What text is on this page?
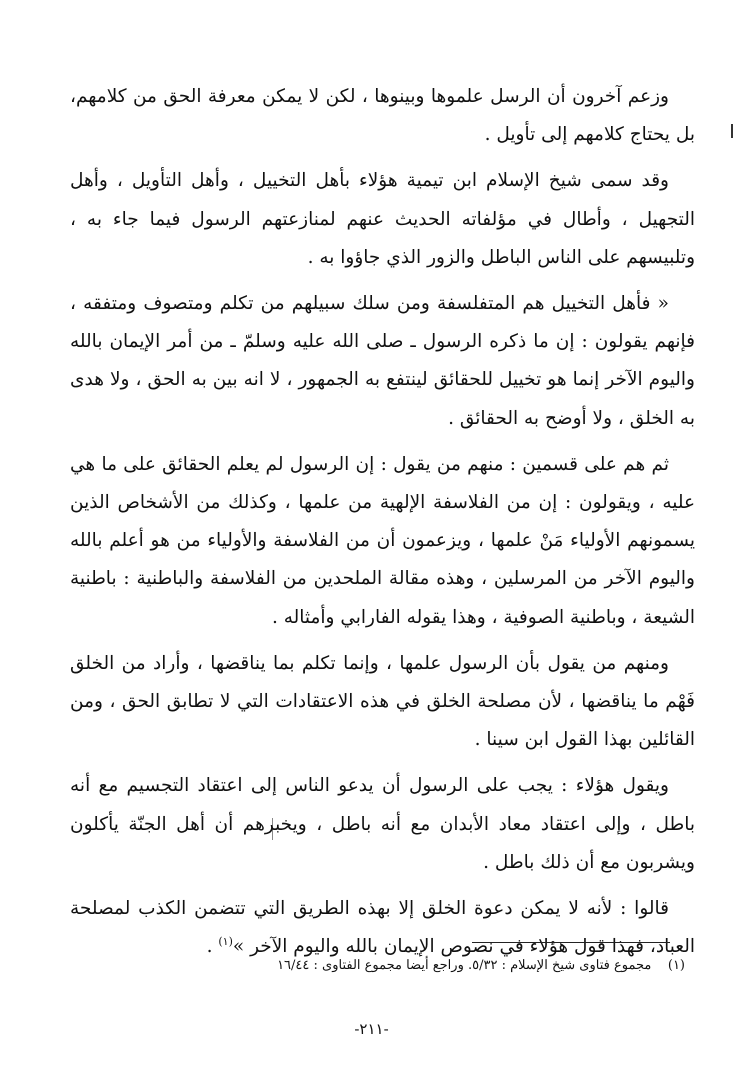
وزعم آخرون أن الرسل علموها وبينوها ، لكن لا يمكن معرفة الحق من كلامهم، بل يحتاج كلامهم إلى تأويل .

وقد سمى شيخ الإسلام ابن تيمية هؤلاء بأهل التخييل ، وأهل التأويل ، وأهل التجهيل ، وأطال في مؤلفاته الحديث عنهم لمنازعتهم الرسول فيما جاء به ، وتلبيسهم على الناس الباطل والزور الذي جاؤوا به .

« فأهل التخييل هم المتفلسفة ومن سلك سبيلهم من تكلم ومتصوف ومتفقه ، فإنهم يقولون : إن ما ذكره الرسول ـ صلى الله عليه وسلمّ ـ من أمر الإيمان بالله واليوم الآخر إنما هو تخييل للحقائق لينتفع به الجمهور ، لا انه بين به الحق ، ولا هدى به الخلق ، ولا أوضح به الحقائق .

ثم هم على قسمين : منهم من يقول : إن الرسول لم يعلم الحقائق على ما هي عليه ، ويقولون : إن من الفلاسفة الإلهية من علمها ، وكذلك من الأشخاص الذين يسمونهم الأولياء مَنْ علمها ، ويزعمون أن من الفلاسفة والأولياء من هو أعلم بالله واليوم الآخر من المرسلين ، وهذه مقالة الملحدين من الفلاسفة والباطنية : باطنية الشيعة ، وباطنية الصوفية ، وهذا يقوله الفارابي وأمثاله .

ومنهم من يقول بأن الرسول علمها ، وإنما تكلم بما يناقضها ، وأراد من الخلق فَهْم ما يناقضها ، لأن مصلحة الخلق في هذه الاعتقادات التي لا تطابق الحق ، ومن القائلين بهذا القول ابن سينا .

ويقول هؤلاء : يجب على الرسول أن يدعو الناس إلى اعتقاد التجسيم مع أنه باطل ، وإلى اعتقاد معاد الأبدان مع أنه باطل ، ويخبرهم أن أهل الجنّة يأكلون ويشربون مع أن ذلك باطل .

قالوا : لأنه لا يمكن دعوة الخلق إلا بهذه الطريق التي تتضمن الكذب لمصلحة العباد، فهذا قول هؤلاء في نصوص الإيمان بالله واليوم الآخر »$^{(١)}$ .

(١)    مجموع فتاوى شيخ الإسلام : ٥/٣٢. وراجع أيضا مجموع الفتاوى : ١٦/٤٤
-٢١١-
